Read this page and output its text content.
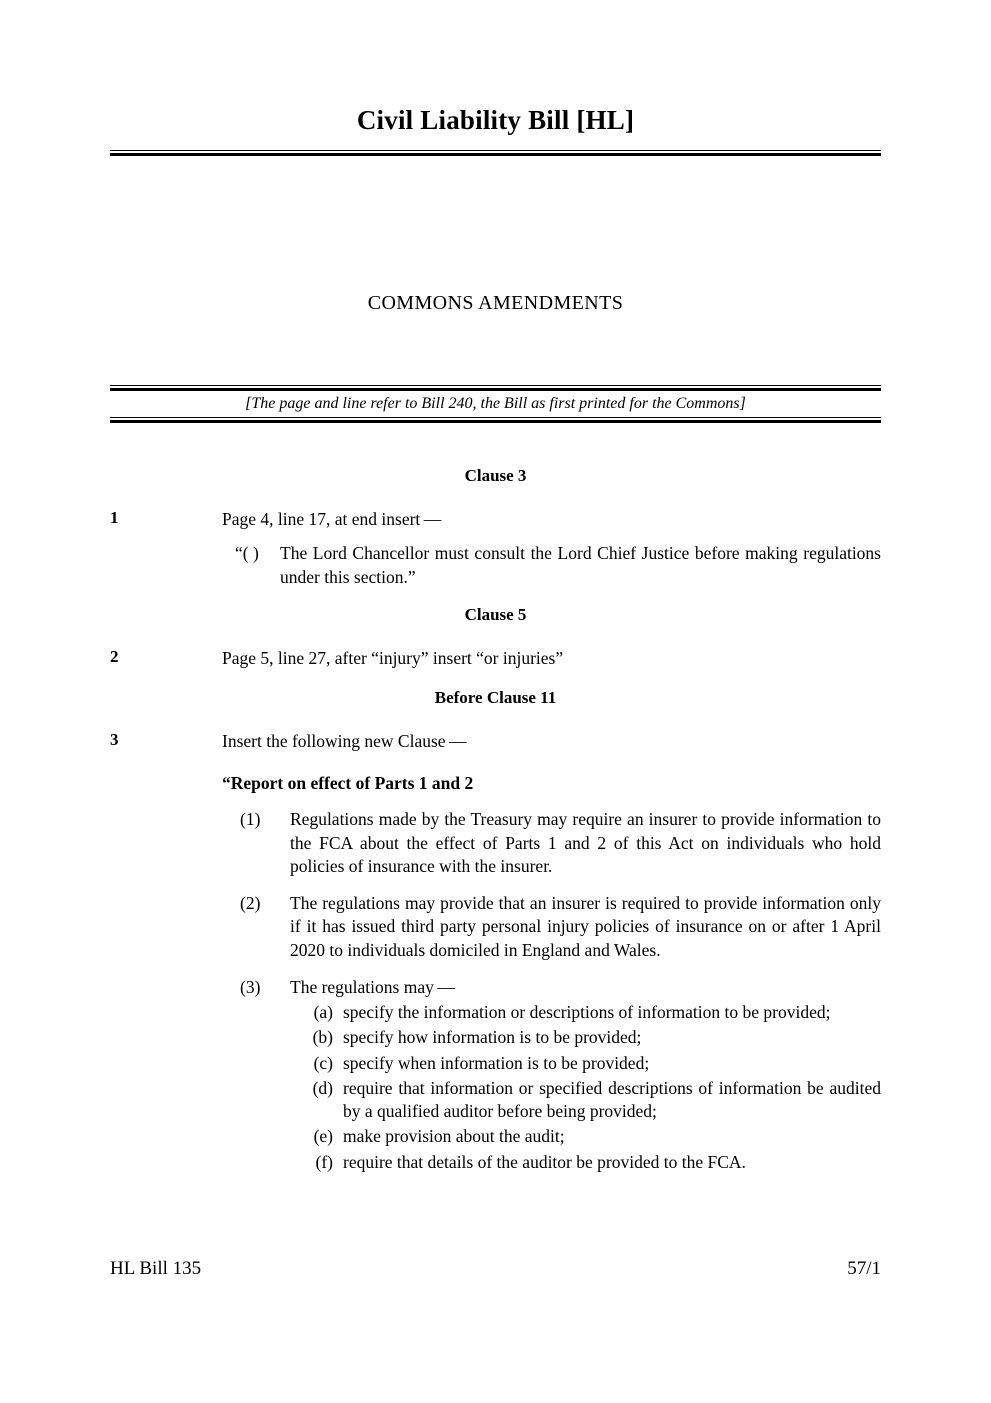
Civil Liability Bill [HL]
COMMONS AMENDMENTS
[The page and line refer to Bill 240, the Bill as first printed for the Commons]
Clause 3
1	Page 4, line 17, at end insert —
“( ) The Lord Chancellor must consult the Lord Chief Justice before making regulations under this section.”
Clause 5
2	Page 5, line 27, after “injury” insert “or injuries”
Before Clause 11
3	Insert the following new Clause —
“Report on effect of Parts 1 and 2
(1) Regulations made by the Treasury may require an insurer to provide information to the FCA about the effect of Parts 1 and 2 of this Act on individuals who hold policies of insurance with the insurer.
(2) The regulations may provide that an insurer is required to provide information only if it has issued third party personal injury policies of insurance on or after 1 April 2020 to individuals domiciled in England and Wales.
(3) The regulations may —
(a) specify the information or descriptions of information to be provided;
(b) specify how information is to be provided;
(c) specify when information is to be provided;
(d) require that information or specified descriptions of information be audited by a qualified auditor before being provided;
(e) make provision about the audit;
(f) require that details of the auditor be provided to the FCA.
HL Bill 135	57/1
